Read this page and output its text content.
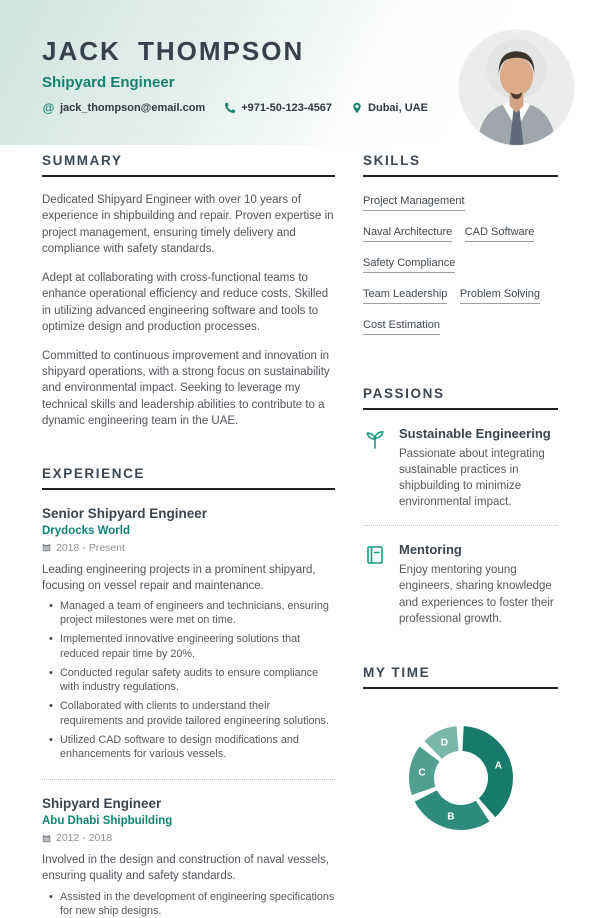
JACK THOMPSON
Shipyard Engineer
@ jack_thompson@email.com	+971-50-123-4567	Dubai, UAE
SUMMARY

Dedicated Shipyard Engineer with over 10 years of experience in shipbuilding and repair. Proven expertise in project management, ensuring timely delivery and compliance with safety standards.

Adept at collaborating with cross-functional teams to enhance operational efficiency and reduce costs. Skilled in utilizing advanced engineering software and tools to optimize design and production processes.

Committed to continuous improvement and innovation in shipyard operations, with a strong focus on sustainability and environmental impact. Seeking to leverage my technical skills and leadership abilities to contribute to a dynamic engineering team in the UAE.

EXPERIENCE
Senior Shipyard Engineer
Drydocks World
2018 - Present
Leading engineering projects in a prominent shipyard, focusing on vessel repair and maintenance.
• Managed a team of engineers and technicians, ensuring project milestones were met on time.
• Implemented innovative engineering solutions that reduced repair time by 20%.
• Conducted regular safety audits to ensure compliance with industry regulations.
• Collaborated with clients to understand their requirements and provide tailored engineering solutions.
• Utilized CAD software to design modifications and enhancements for various vessels.
Shipyard Engineer
Abu Dhabi Shipbuilding
2012 - 2018
Involved in the design and construction of naval vessels, ensuring quality and safety standards.
• Assisted in the development of engineering specifications for new ship designs.
SKILLS
Project Management Naval Architecture CAD Software Safety Compliance Team Leadership Problem Solving Cost Estimation
PASSIONS
Sustainable Engineering
Passionate about integrating sustainable practices in shipbuilding to minimize environmental impact.
Mentoring
Enjoy mentoring young engineers, sharing knowledge and experiences to foster their professional growth.
MY TIME
A
B
C
D
